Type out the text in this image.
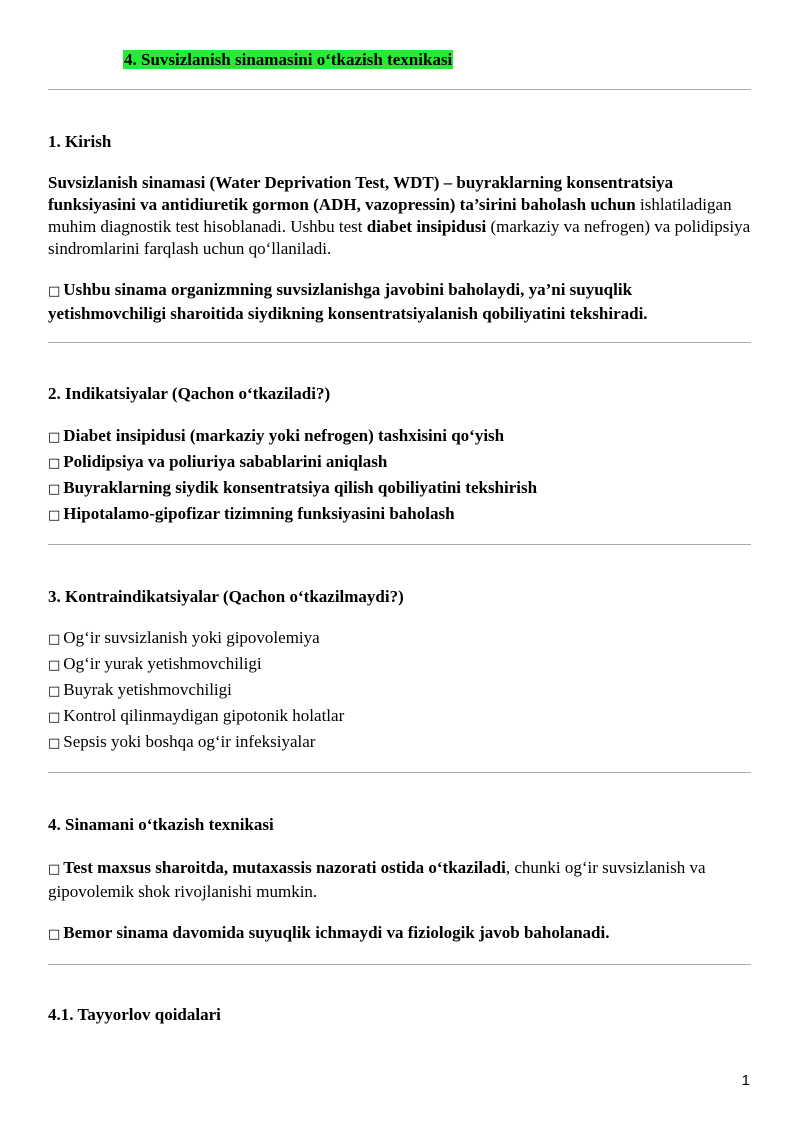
4. Suvsizlanish sinamasini o‘tkazish texnikasi
1. Kirish
Suvsizlanish sinamasi (Water Deprivation Test, WDT) – buyraklarning konsentratsiya funksiyasini va antidiuretik gormon (ADH, vazopressin) ta’sirini baholash uchun ishlatiladigan muhim diagnostik test hisoblanadi. Ushbu test diabet insipidusi (markaziy va nefrogen) va polidipsiya sindromlarini farqlash uchun qo‘llaniladi.
□ Ushbu sinama organizmning suvsizlanishga javobini baholaydi, ya’ni suyuqlik yetishmovchiligi sharoitida siydikning konsentratsiyalanish qobiliyatini tekshiradi.
2. Indikatsiyalar (Qachon o‘tkaziladi?)
□ Diabet insipidusi (markaziy yoki nefrogen) tashxisini qo‘yish
□ Polidipsiya va poliuriya sabablarini aniqlash
□ Buyraklarning siydik konsentratsiya qilish qobiliyatini tekshirish
□ Hipotalamo-gipofizar tizimning funksiyasini baholash
3. Kontraindikatsiyalar (Qachon o‘tkazilmaydi?)
□ Og‘ir suvsizlanish yoki gipovolemiya
□ Og‘ir yurak yetishmovchiligi
□ Buyrak yetishmovchiligi
□ Kontrol qilinmaydigan gipotonik holatlar
□ Sepsis yoki boshqa og‘ir infeksiyalar
4. Sinamani o‘tkazish texnikasi
□ Test maxsus sharoitda, mutaxassis nazorati ostida o‘tkaziladi, chunki og‘ir suvsizlanish va gipovolemik shok rivojlanishi mumkin.
□ Bemor sinama davomida suyuqlik ichmaydi va fiziologik javob baholanadi.
4.1. Tayyorlov qoidalari
1
